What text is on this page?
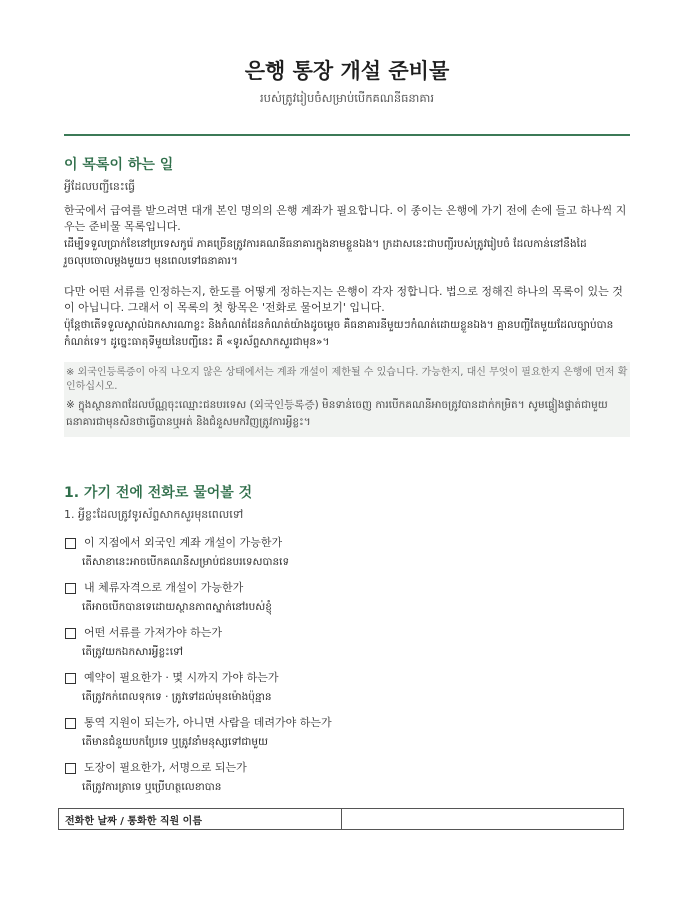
은행 통장 개설 준비물
របស់ត្រូវរៀបចំសម្រាប់បើកគណនីធនាគារ
이 목록이 하는 일
អ្វីដែលបញ្ជីនេះធ្វើ

한국에서 급여를 받으려면 대개 본인 명의의 은행 계좌가 필요합니다. 이 종이는 은행에 가기 전에 손에 들고 하나씩 지우는 준비물 목록입니다.

ដើម្បីទទួលប្រាក់ខែនៅប្រទេសកូរ៉េ ភាគច្រើនត្រូវការគណនីធនាគារក្នុងនាមខ្លួនឯង។ ក្រដាសនេះជាបញ្ជីរបស់ត្រូវរៀបចំ ដែលកាន់នៅនឹងដៃរួចលុបចោលម្តងមួយៗ មុនពេលទៅធនាគារ។

다만 어떤 서류를 인정하는지, 한도를 어떻게 정하는지는 은행이 각자 정합니다. 법으로 정해진 하나의 목록이 있는 것이 아닙니다. 그래서 이 목록의 첫 항목은 '전화로 물어보기' 입니다.

ប៉ុន្តែថាតើទទួលស្គាល់ឯកសារណាខ្លះ និងកំណត់ដែនកំណត់យ៉ាងដូចម្តេច គឺធនាគារនីមួយៗកំណត់ដោយខ្លួនឯង។ គ្មានបញ្ជីតែមួយដែលច្បាប់បានកំណត់ទេ។ ដូច្នេះធាតុទីមួយនៃបញ្ជីនេះ គឺ «ទូរស័ព្ទសាកសួរជាមុន»។

※ 외국인등록증이 아직 나오지 않은 상태에서는 계좌 개설이 제한될 수 있습니다. 가능한지, 대신 무엇이 필요한지 은행에 먼저 확인하십시오.
※ ក្នុងស្ថានភាពដែលប័ណ្ណចុះឈ្មោះជនបរទេស (외국인등록증) មិនទាន់ចេញ ការបើកគណនីអាចត្រូវបានដាក់កម្រិត។ សូមផ្ទៀងផ្ទាត់ជាមួយធនាគារជាមុនសិនថាធ្វើបានឬអត់ និងជំនួសមកវិញត្រូវការអ្វីខ្លះ។
1. 가기 전에 전화로 물어볼 것
1. អ្វីខ្លះដែលត្រូវទូរស័ព្ទសាកសួរមុនពេលទៅ
이 지점에서 외국인 계좌 개설이 가능한가
តើសាខានេះអាចបើកគណនីសម្រាប់ជនបរទេសបានទេ
내 체류자격으로 개설이 가능한가
តើអាចបើកបានទេដោយស្ថានភាពស្នាក់នៅរបស់ខ្ញុំ
어떤 서류를 가져가야 하는가
តើត្រូវយកឯកសារអ្វីខ្លះទៅ
예약이 필요한가 · 몇 시까지 가야 하는가
តើត្រូវកក់ពេលទុកទេ · ត្រូវទៅដល់មុនម៉ោងប៉ុន្មាន
통역 지원이 되는가, 아니면 사람을 데려가야 하는가
តើមានជំនួយបកប្រែទេ ឬត្រូវនាំមនុស្សទៅជាមួយ
도장이 필요한가, 서명으로 되는가
តើត្រូវការត្រាទេ ឬប្រើហត្ថលេខាបាន
전화한 날짜 / 통화한 직원 이름	
